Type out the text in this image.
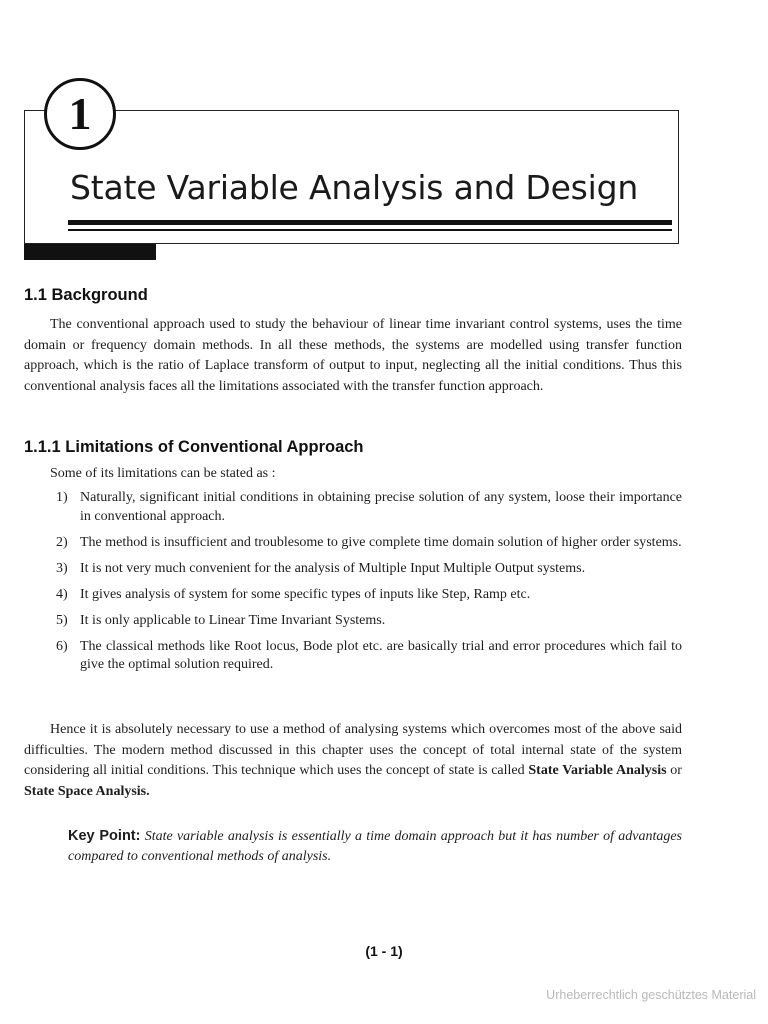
1
State Variable Analysis and Design
1.1 Background

The conventional approach used to study the behaviour of linear time invariant control systems, uses the time domain or frequency domain methods. In all these methods, the systems are modelled using transfer function approach, which is the ratio of Laplace transform of output to input, neglecting all the initial conditions. Thus this conventional analysis faces all the limitations associated with the transfer function approach.

1.1.1 Limitations of Conventional Approach
Some of its limitations can be stated as :
1) Naturally, significant initial conditions in obtaining precise solution of any system, loose their importance in conventional approach.
2) The method is insufficient and troublesome to give complete time domain solution of higher order systems.
3) It is not very much convenient for the analysis of Multiple Input Multiple Output systems.
4) It gives analysis of system for some specific types of inputs like Step, Ramp etc.
5) It is only applicable to Linear Time Invariant Systems.
6) The classical methods like Root locus, Bode plot etc. are basically trial and error procedures which fail to give the optimal solution required.

Hence it is absolutely necessary to use a method of analysing systems which overcomes most of the above said difficulties. The modern method discussed in this chapter uses the concept of total internal state of the system considering all initial conditions. This technique which uses the concept of state is called State Variable Analysis or State Space Analysis.

Key Point: State variable analysis is essentially a time domain approach but it has number of advantages compared to conventional methods of analysis.

(1 - 1)
Urheberrechtlich geschütztes Material
